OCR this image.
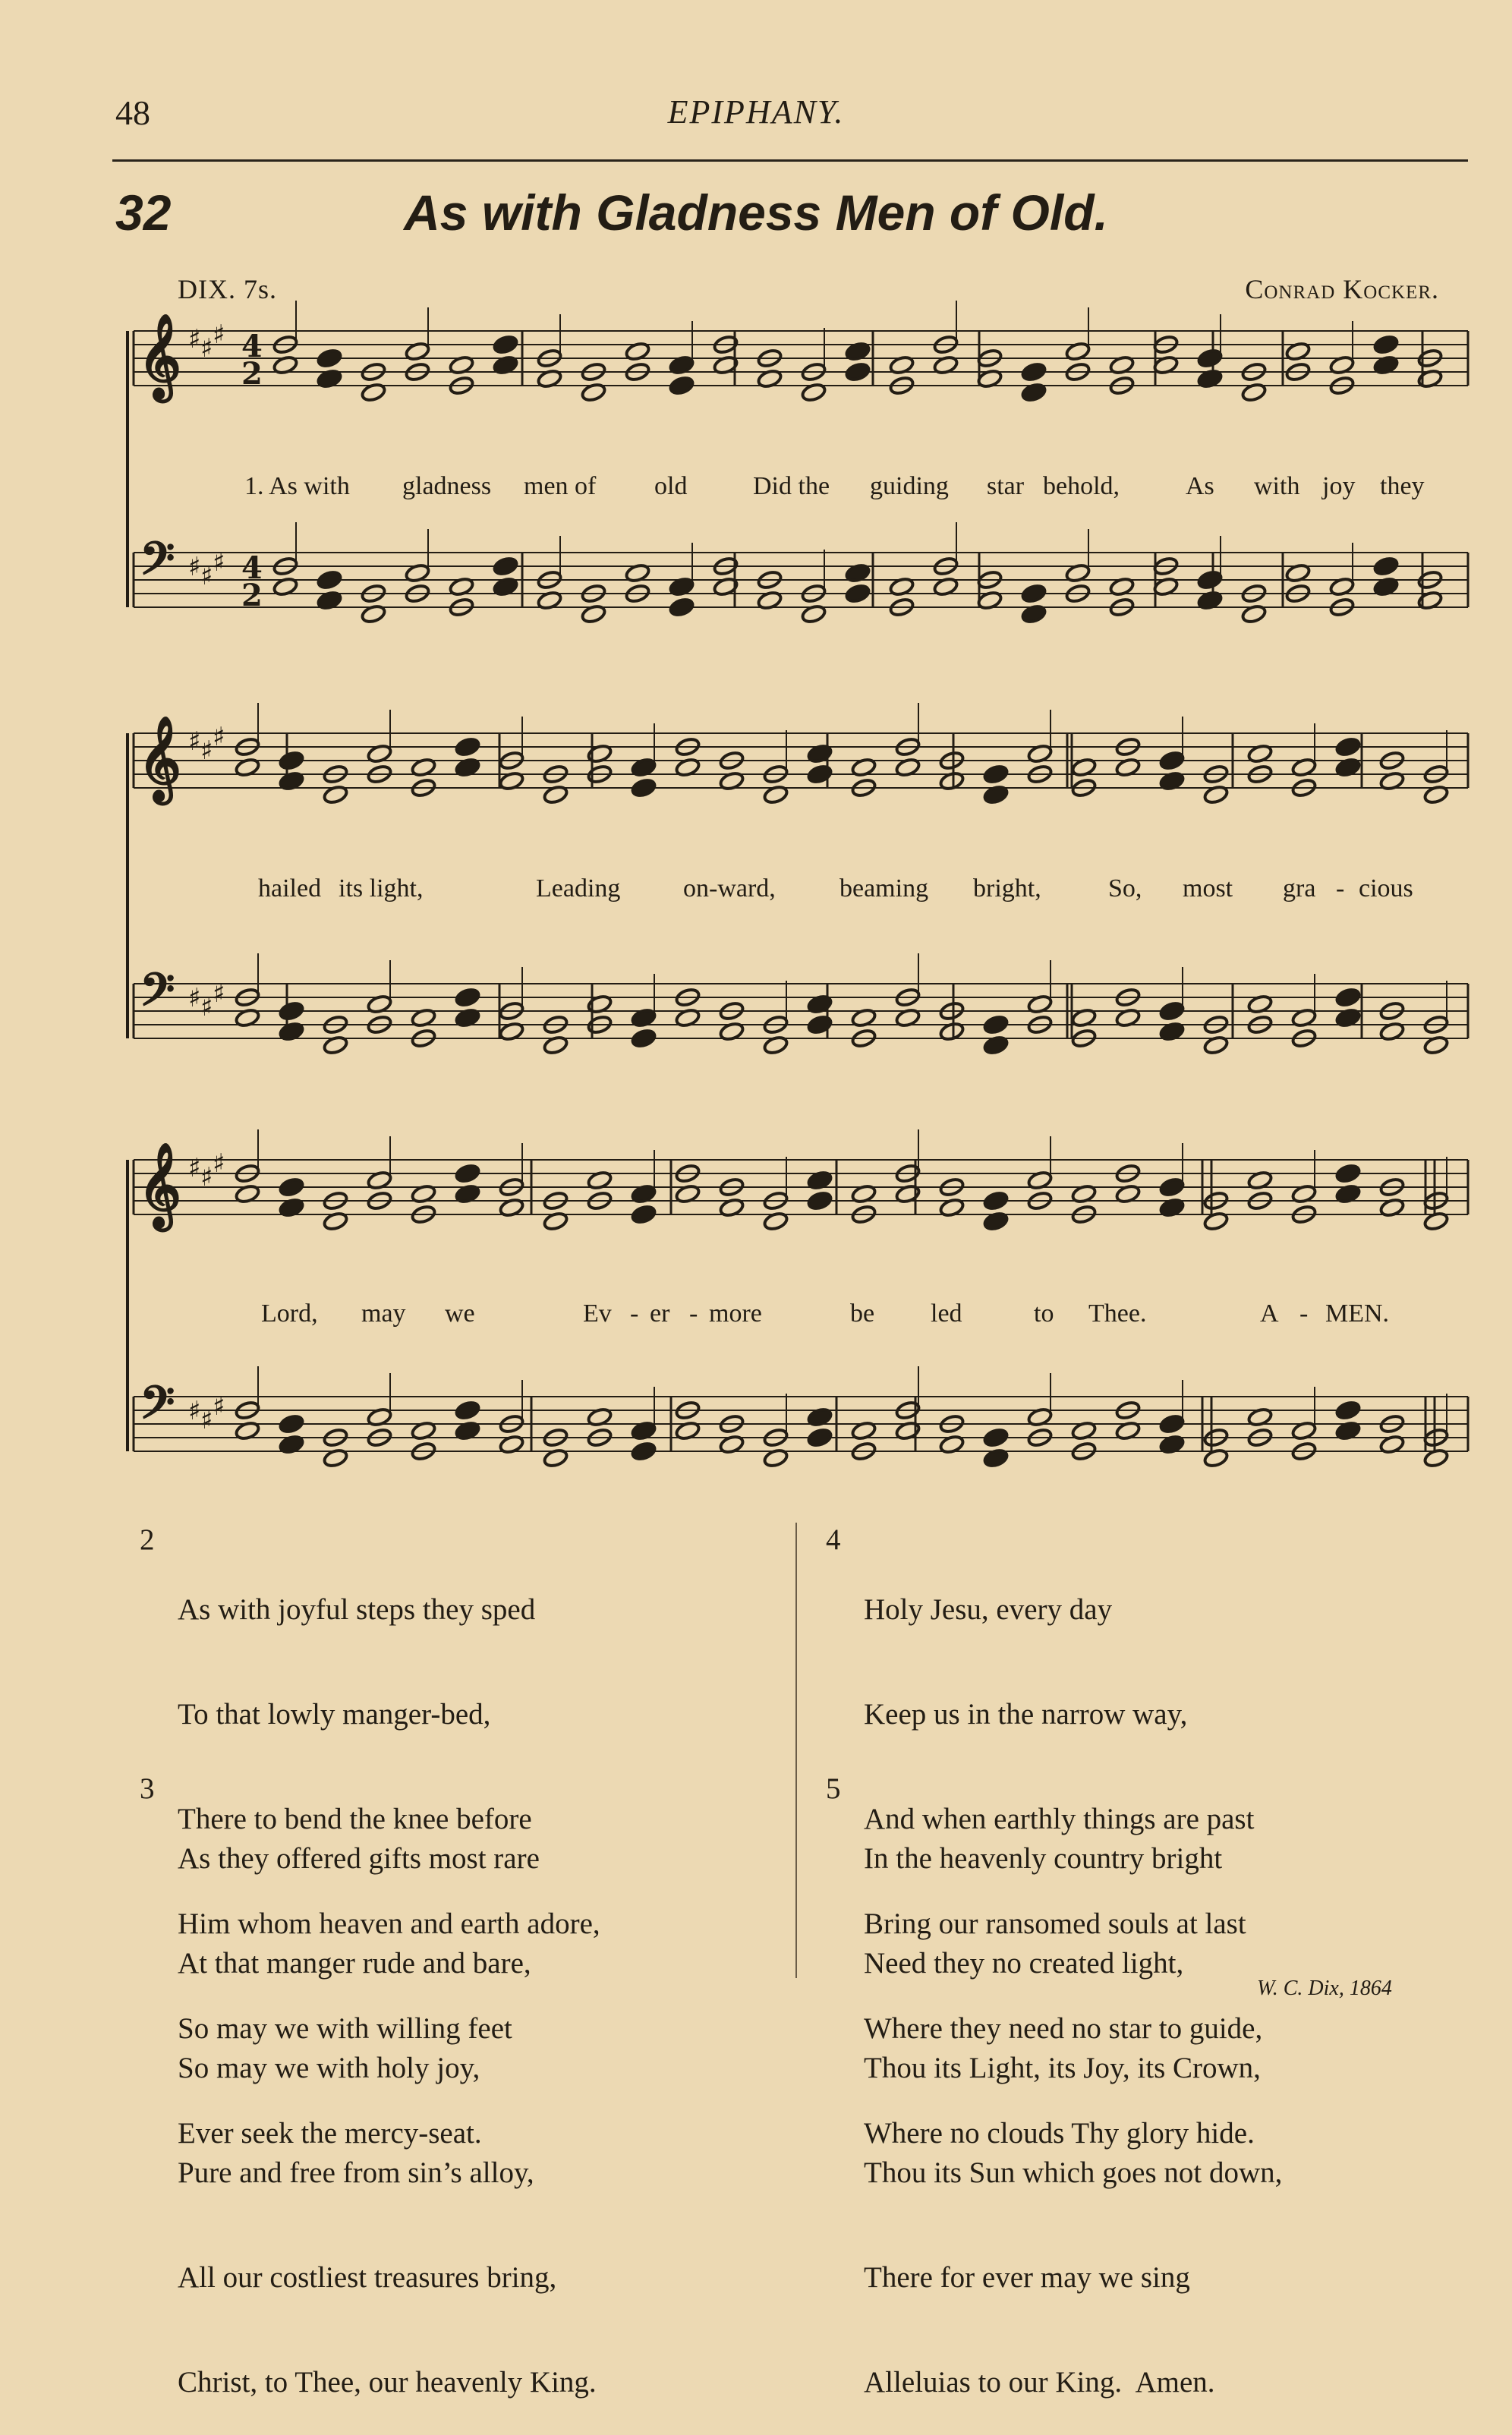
48	EPIPHANY.
32	As with Gladness Men of Old.
DIX. 7s.	Conrad Kocker.
𝄞 ♯ ♯ ♯ 4
2
𝄢 ♯ ♯ ♯ 4
2
𝄞 ♯ ♯ ♯
𝄢 ♯ ♯ ♯
𝄞 ♯ ♯ ♯
𝄢 ♯ ♯ ♯
1. As with gladness men of old	Did the guiding star behold,	As with joy they
hailed its light,	Leading on-ward, beaming bright,	So, most gra - cious
Lord, may we	Ev - er - more	be led	to Thee.	A - MEN.
2

As with joyful steps they sped

To that lowly manger-bed,

There to bend the knee before

Him whom heaven and earth adore,

So may we with willing feet

Ever seek the mercy-seat.

3

As they offered gifts most rare

At that manger rude and bare,

So may we with holy joy,

Pure and free from sin’s alloy,

All our costliest treasures bring,

Christ, to Thee, our heavenly King.

4

Holy Jesu, every day

Keep us in the narrow way,

And when earthly things are past

Bring our ransomed souls at last

Where they need no star to guide,

Where no clouds Thy glory hide.

5

In the heavenly country bright

Need they no created light,

Thou its Light, its Joy, its Crown,

Thou its Sun which goes not down,

There for ever may we sing

Alleluias to our King.  Amen.

W. C. Dix, 1864
